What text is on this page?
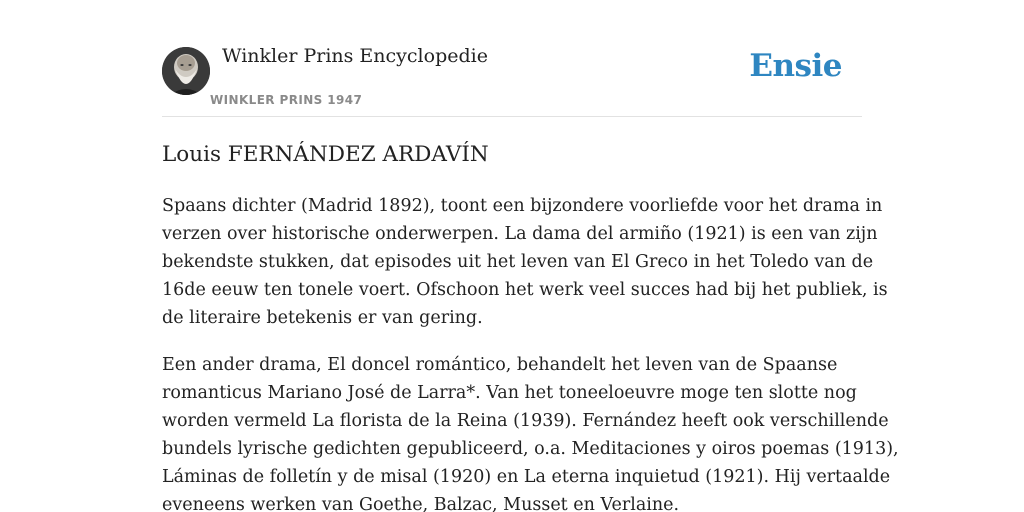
Winkler Prins Encyclopedie
WINKLER PRINS 1947
Ensie
Louis FERNÁNDEZ ARDAVÍN

Spaans dichter (Madrid 1892), toont een bijzondere voorliefde voor het drama in
verzen over historische onderwerpen. La dama del armiño (1921) is een van zijn
bekendste stukken, dat episodes uit het leven van El Greco in het Toledo van de
16de eeuw ten tonele voert. Ofschoon het werk veel succes had bij het publiek, is
de literaire betekenis er van gering.

Een ander drama, El doncel romántico, behandelt het leven van de Spaanse
romanticus Mariano José de Larra*. Van het toneeloeuvre moge ten slotte nog
worden vermeld La florista de la Reina (1939). Fernández heeft ook verschillende
bundels lyrische gedichten gepubliceerd, o.a. Meditaciones y oiros poemas (1913),
Láminas de folletín y de misal (1920) en La eterna inquietud (1921). Hij vertaalde
eveneens werken van Goethe, Balzac, Musset en Verlaine.
